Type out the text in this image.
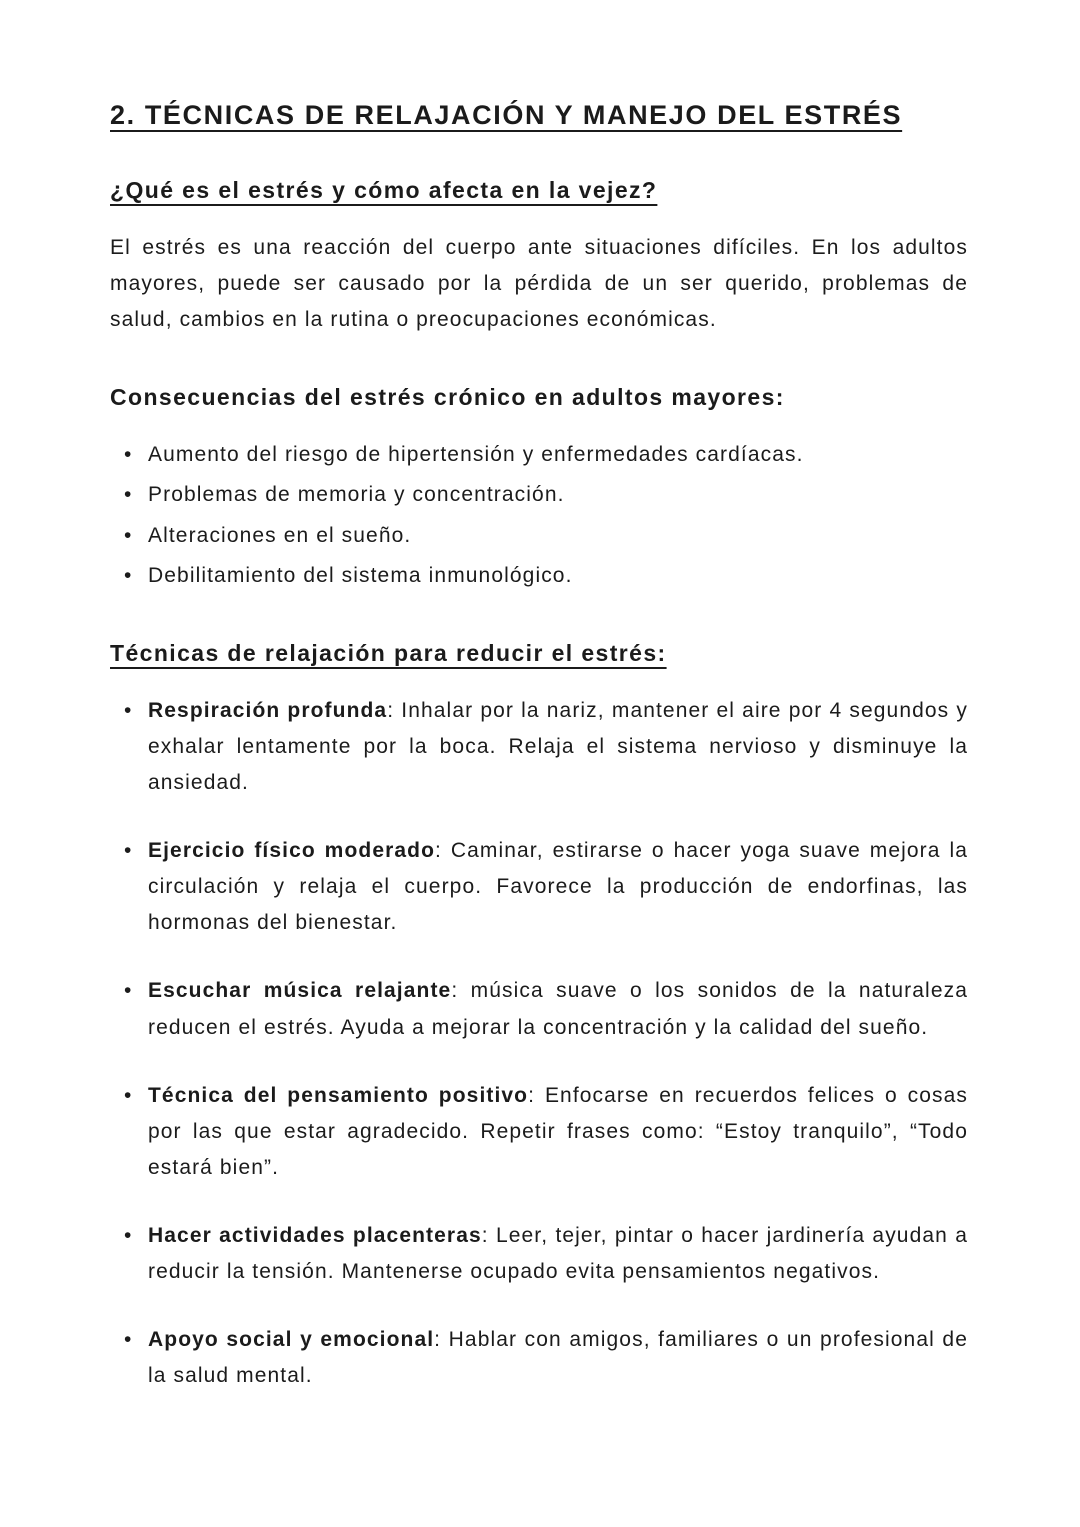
2. TÉCNICAS DE RELAJACIÓN Y MANEJO DEL ESTRÉS
¿Qué es el estrés y cómo afecta en la vejez?

El estrés es una reacción del cuerpo ante situaciones difíciles. En los adultos mayores, puede ser causado por la pérdida de un ser querido, problemas de salud, cambios en la rutina o preocupaciones económicas.

Consecuencias del estrés crónico en adultos mayores:
• Aumento del riesgo de hipertensión y enfermedades cardíacas.
• Problemas de memoria y concentración.
• Alteraciones en el sueño.
• Debilitamiento del sistema inmunológico.
Técnicas de relajación para reducir el estrés:
• Respiración profunda: Inhalar por la nariz, mantener el aire por 4 segundos y exhalar lentamente por la boca. Relaja el sistema nervioso y disminuye la ansiedad.
• Ejercicio físico moderado: Caminar, estirarse o hacer yoga suave mejora la circulación y relaja el cuerpo. Favorece la producción de endorfinas, las hormonas del bienestar.
• Escuchar música relajante: música suave o los sonidos de la naturaleza reducen el estrés. Ayuda a mejorar la concentración y la calidad del sueño.
• Técnica del pensamiento positivo: Enfocarse en recuerdos felices o cosas por las que estar agradecido. Repetir frases como: “Estoy tranquilo”, “Todo estará bien”.
• Hacer actividades placenteras: Leer, tejer, pintar o hacer jardinería ayudan a reducir la tensión. Mantenerse ocupado evita pensamientos negativos.
• Apoyo social y emocional: Hablar con amigos, familiares o un profesional de la salud mental.
